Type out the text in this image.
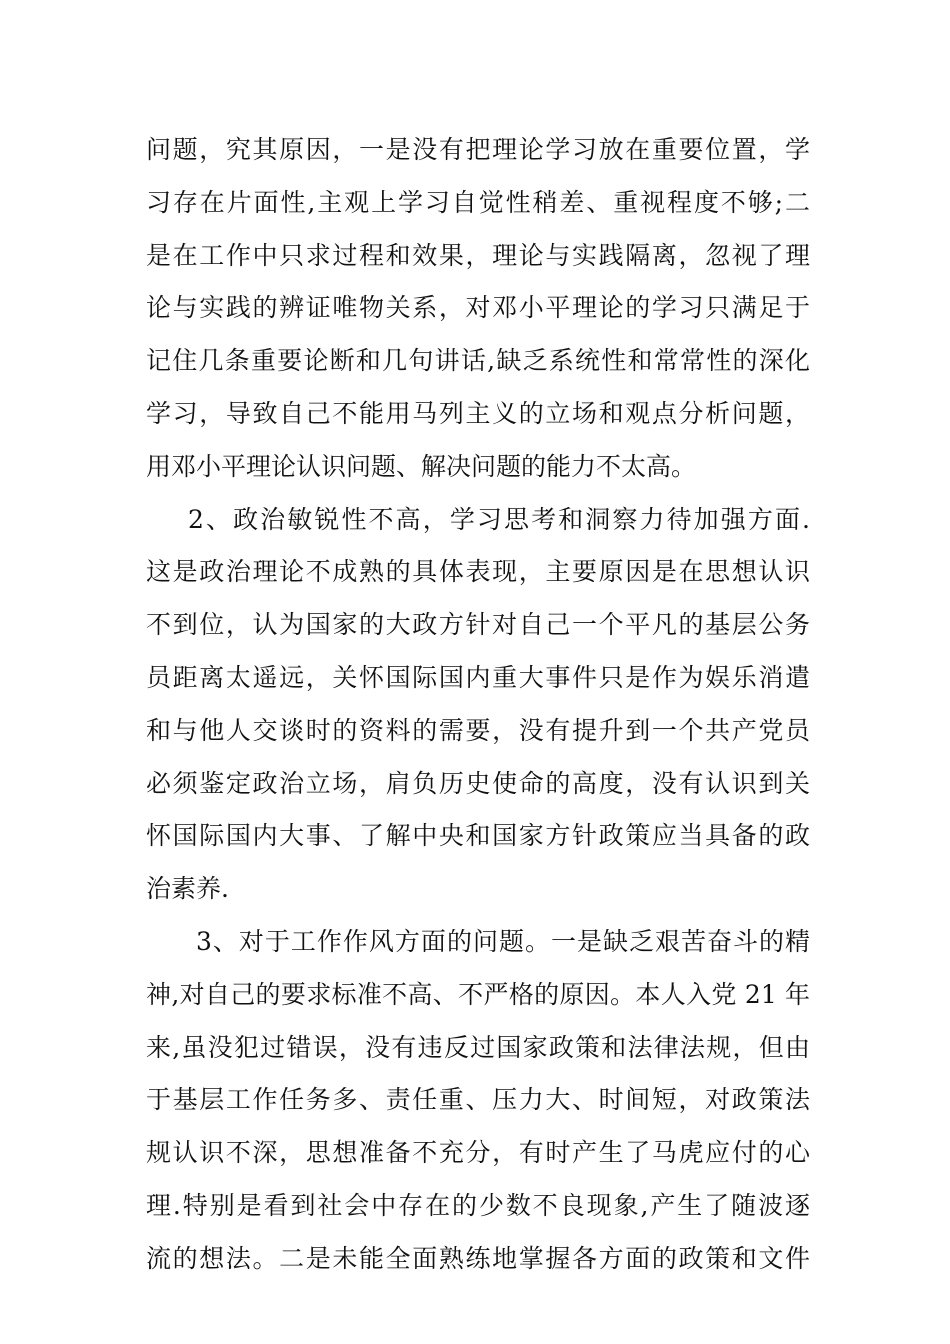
问题，究其原因，一是没有把理论学习放在重要位置，学
习存在片面性,主观上学习自觉性稍差、重视程度不够;二
是在工作中只求过程和效果，理论与实践隔离，忽视了理
论与实践的辨证唯物关系，对邓小平理论的学习只满足于
记住几条重要论断和几句讲话,缺乏系统性和常常性的深化
学习，导致自己不能用马列主义的立场和观点分析问题，
用邓小平理论认识问题、解决问题的能力不太高。
2、政治敏锐性不高，学习思考和洞察力待加强方面.
这是政治理论不成熟的具体表现，主要原因是在思想认识
不到位，认为国家的大政方针对自己一个平凡的基层公务
员距离太遥远，关怀国际国内重大事件只是作为娱乐消遣
和与他人交谈时的资料的需要，没有提升到一个共产党员
必须鉴定政治立场，肩负历史使命的高度，没有认识到关
怀国际国内大事、了解中央和国家方针政策应当具备的政
治素养.
3、对于工作作风方面的问题。一是缺乏艰苦奋斗的精
神,对自己的要求标准不高、不严格的原因。本人入党 21 年
来,虽没犯过错误，没有违反过国家政策和法律法规，但由
于基层工作任务多、责任重、压力大、时间短，对政策法
规认识不深，思想准备不充分，有时产生了马虎应付的心
理.特别是看到社会中存在的少数不良现象,产生了随波逐
流的想法。二是未能全面熟练地掌握各方面的政策和文件
